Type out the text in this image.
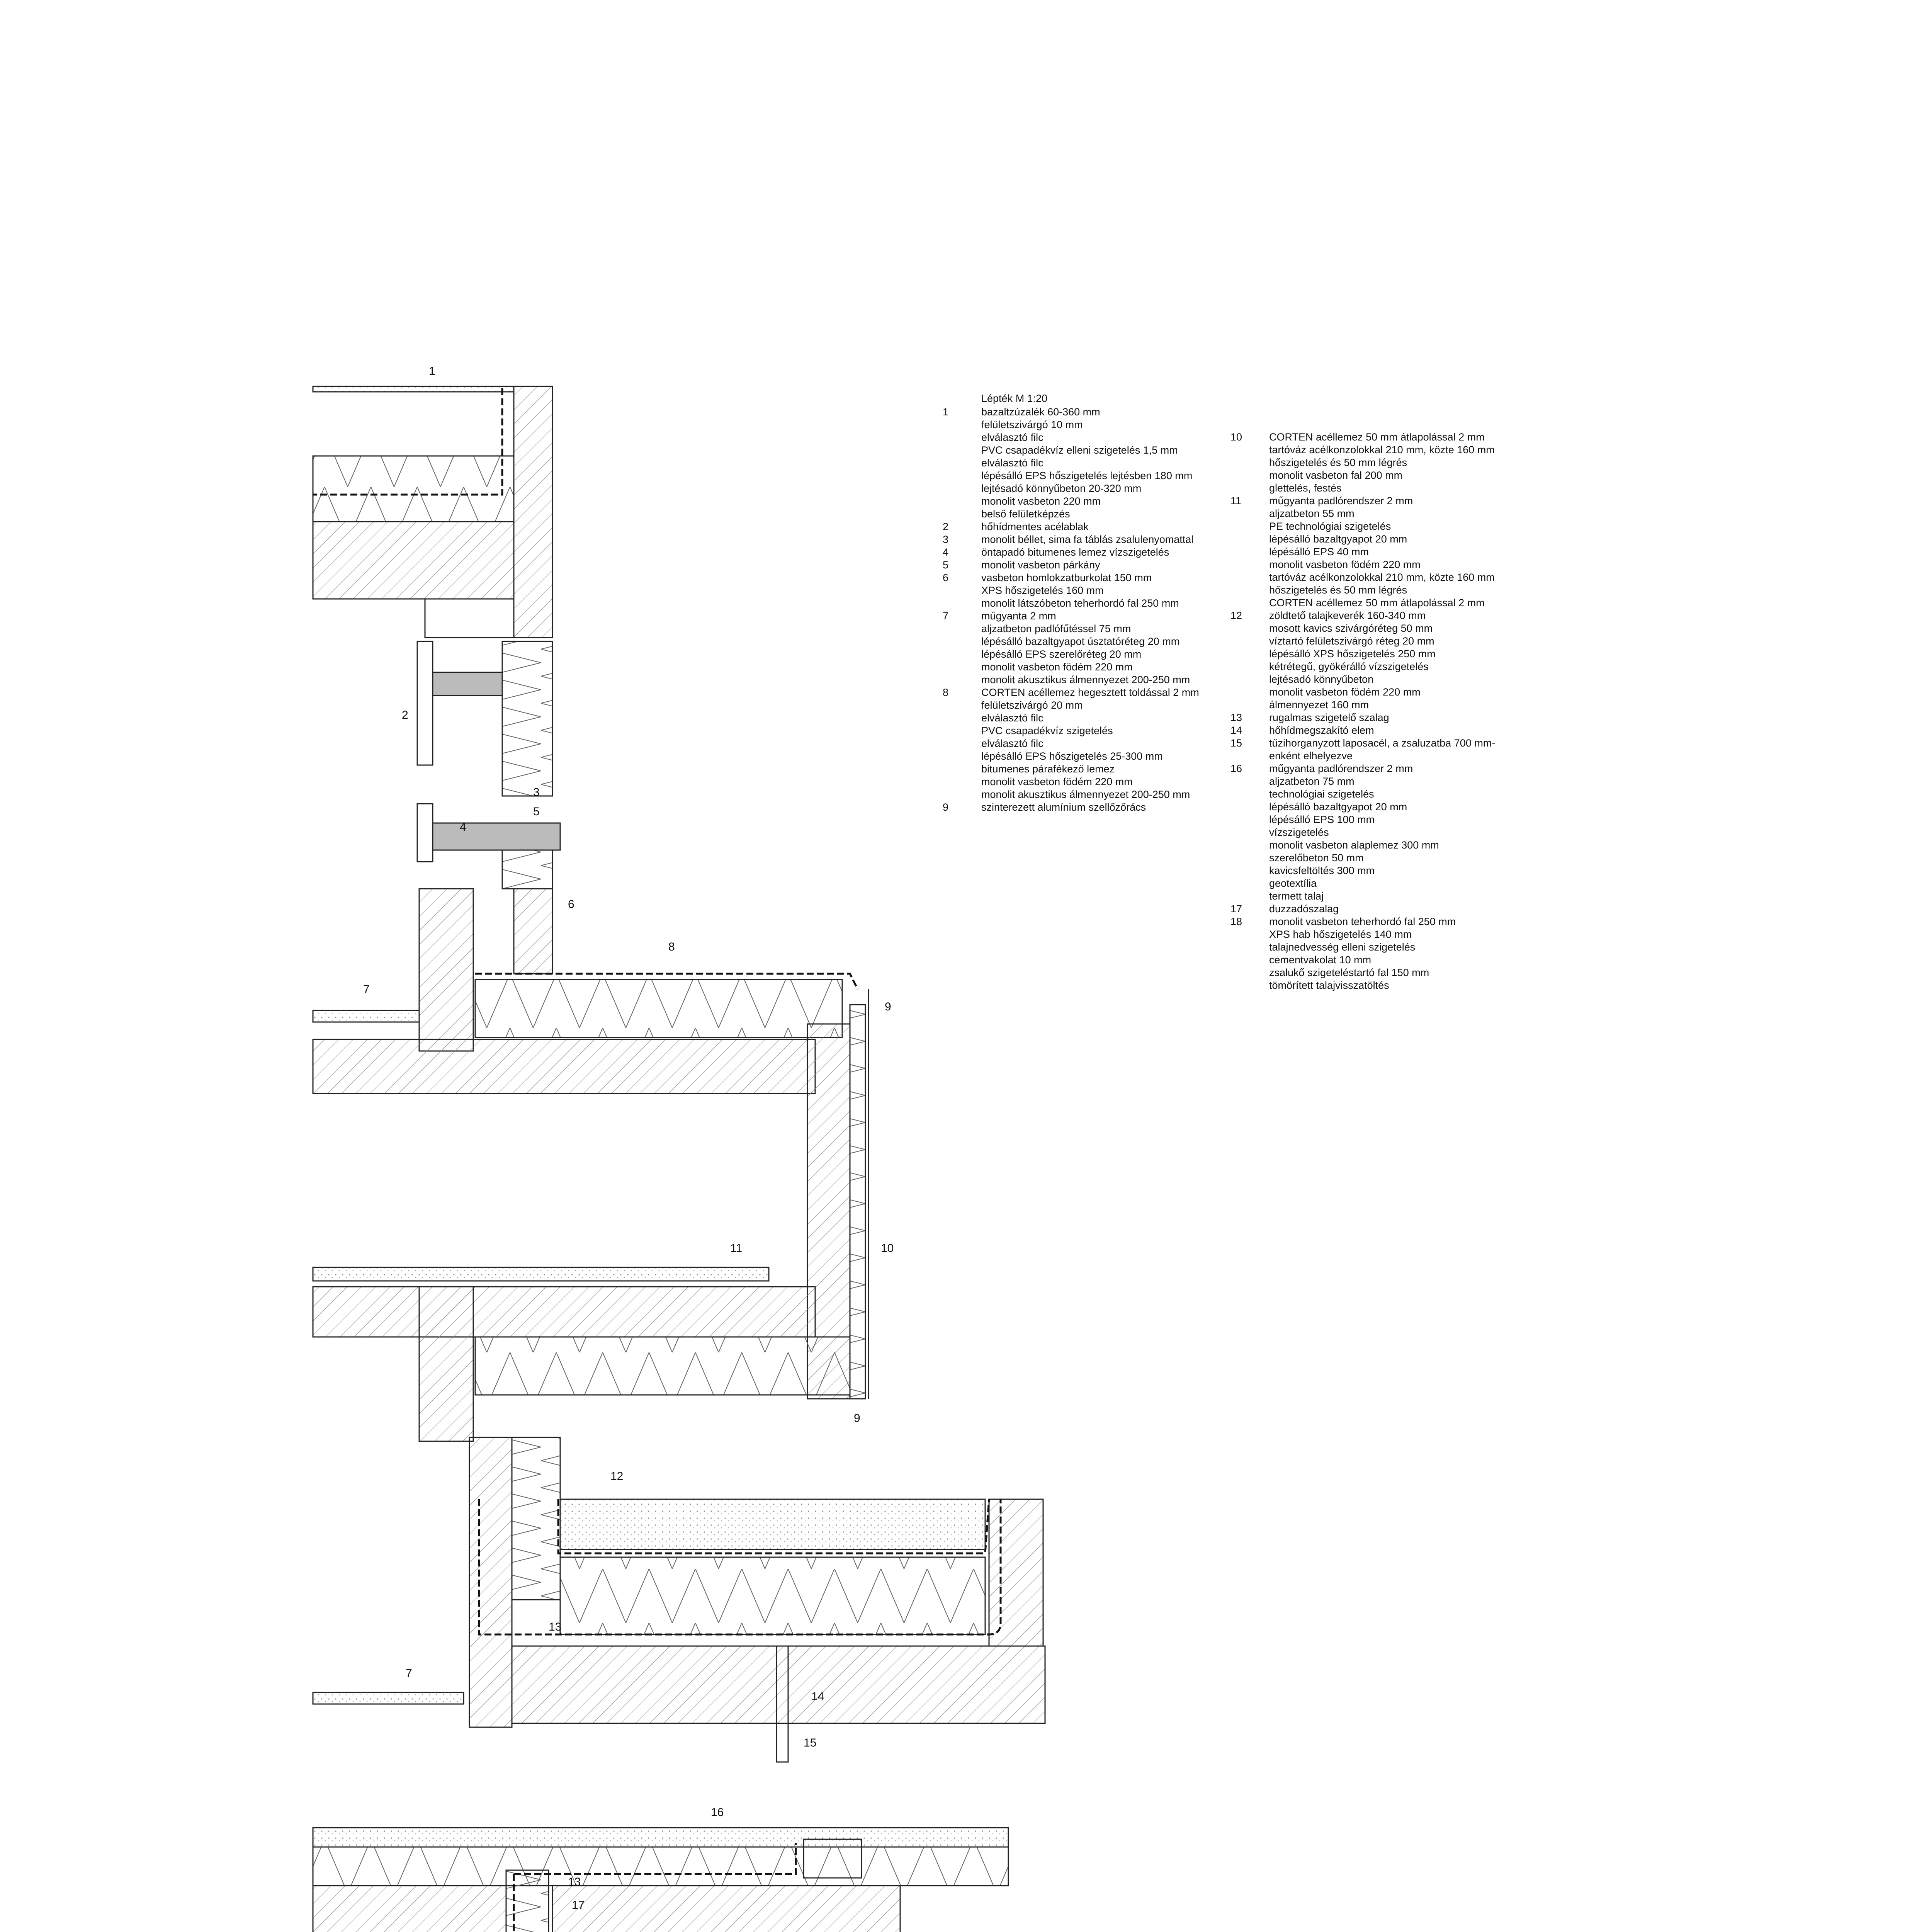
1
2
3
5
4
6
8
9
7
11	10
9
12
13
7
14
15
16
13
17
Lépték M 1:20
1	bazaltzúzalék 60-360 mm
felületszivárgó 10 mm
elválasztó filc
PVC csapadékvíz elleni szigetelés 1,5 mm
elválasztó filc
lépésálló EPS hőszigetelés lejtésben 180 mm
lejtésadó könnyűbeton 20-320 mm
monolit vasbeton 220 mm
belső felületképzés
2	hőhídmentes acélablak
3	monolit béllet, sima fa táblás zsalulenyomattal
4	öntapadó bitumenes lemez vízszigetelés
5	monolit vasbeton párkány
6	vasbeton homlokzatburkolat 150 mm
XPS hőszigetelés 160 mm
monolit látszóbeton teherhordó fal 250 mm
7	műgyanta 2 mm
aljzatbeton padlófűtéssel 75 mm
lépésálló bazaltgyapot úsztatóréteg 20 mm
lépésálló EPS szerelőréteg 20 mm
monolit vasbeton födém 220 mm
monolit akusztikus álmennyezet 200-250 mm
8	CORTEN acéllemez hegesztett toldással 2 mm
felületszivárgó 20 mm
elválasztó filc
PVC csapadékvíz szigetelés
elválasztó filc
lépésálló EPS hőszigetelés 25-300 mm
bitumenes párafékező lemez
monolit vasbeton födém 220 mm
monolit akusztikus álmennyezet 200-250 mm
9	szinterezett alumínium szellőzőrács
10	CORTEN acéllemez 50 mm átlapolással 2 mm
tartóváz acélkonzolokkal 210 mm, közte 160 mm
hőszigetelés és 50 mm légrés
monolit vasbeton fal 200 mm
glettelés, festés
11	műgyanta padlórendszer 2 mm
aljzatbeton 55 mm
PE technológiai szigetelés
lépésálló bazaltgyapot 20 mm
lépésálló EPS 40 mm
monolit vasbeton födém 220 mm
tartóváz acélkonzolokkal 210 mm, közte 160 mm
hőszigetelés és 50 mm légrés
CORTEN acéllemez 50 mm átlapolással 2 mm
12	zöldtető talajkeverék 160-340 mm
mosott kavics szivárgóréteg 50 mm
víztartó felületszivárgó réteg 20 mm
lépésálló XPS hőszigetelés 250 mm
kétrétegű, gyökérálló vízszigetelés
lejtésadó könnyűbeton
monolit vasbeton födém 220 mm
álmennyezet 160 mm
13	rugalmas szigetelő szalag
14	hőhídmegszakító elem
15	tűzihorganyzott laposacél, a zsaluzatba 700 mm-
enként elhelyezve
16	műgyanta padlórendszer 2 mm
aljzatbeton 75 mm
technológiai szigetelés
lépésálló bazaltgyapot 20 mm
lépésálló EPS 100 mm
vízszigetelés
monolit vasbeton alaplemez 300 mm
szerelőbeton 50 mm
kavicsfeltöltés 300 mm
geotextília
termett talaj
17	duzzadószalag
18	monolit vasbeton teherhordó fal 250 mm
XPS hab hőszigetelés 140 mm
talajnedvesség elleni szigetelés
cementvakolat 10 mm
zsalukő szigeteléstartó fal 150 mm
tömörített talajvisszatöltés
